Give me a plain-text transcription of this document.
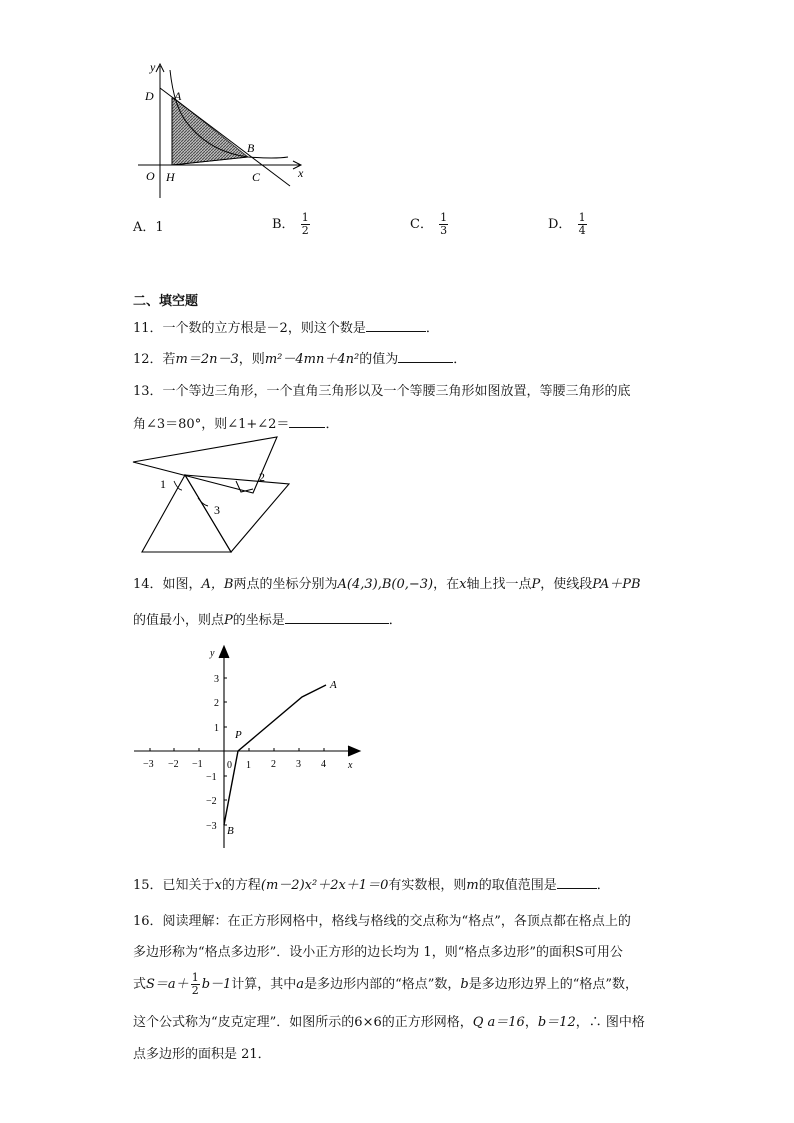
y
x
D A
B
O H	C
A．1	B． $\frac{1}{2}$	C． $\frac{1}{3}$	D． $\frac{1}{4}$
二、填空题
11．一个数的立方根是－2，则这个数是	．
12．若m＝2n－3，则m²－4mn＋4n²的值为	．
13．一个等边三角形，一个直角三角形以及一个等腰三角形如图放置，等腰三角形的底
角∠3＝80°，则∠1+∠2＝	．
1	2
3
14．如图，A，B两点的坐标分别为A(4,3),B(0,−3)，在x轴上找一点P，使线段PA＋PB
的值最小，则点P的坐标是	．
−3 −2 −1 0 1 2 3 4
3
2
1
−1
−2
−3
x
y
A
B
P
15．已知关于x的方程(m－2)x²＋2x＋1＝0有实数根，则m的取值范围是	．
16．阅读理解：在正方形网格中，格线与格线的交点称为“格点”，各顶点都在格点上的
多边形称为“格点多边形”．设小正方形的边长均为 1，则“格点多边形”的面积S可用公
式$S=a+ \frac{1}{2} b-1$计算，其中a是多边形内部的“格点”数，b是多边形边界上的“格点”数，
这个公式称为“皮克定理”．如图所示的6×6的正方形网格，Q a＝16，b＝12，∴ 图中格
点多边形的面积是 21．
